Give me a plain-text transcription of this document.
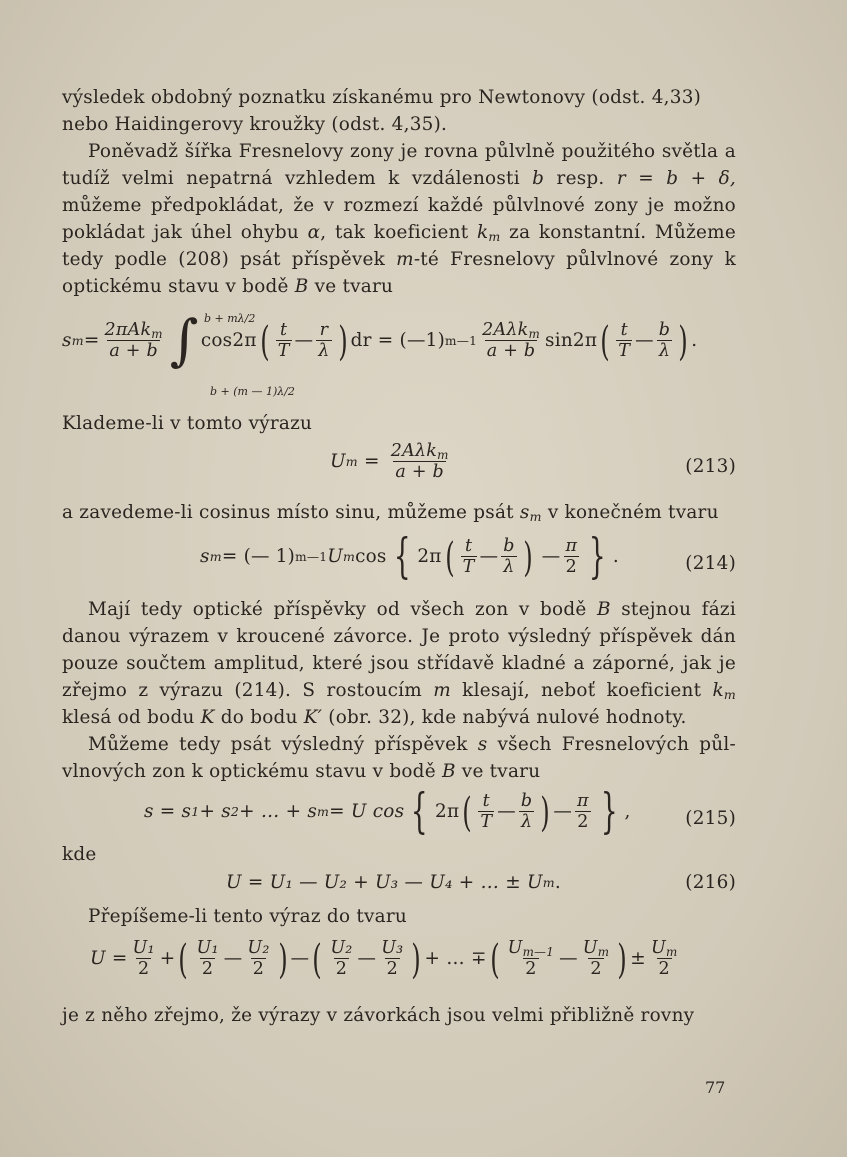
výsledek obdobný poznatku získanému pro Newtonovy (odst. 4,33)
nebo Haidingerovy kroužky (odst. 4,35).

Poněvadž šířka Fresnelovy zony je rovna půlvlně použitého světla a tudíž velmi nepatrná vzhledem k vzdálenosti b resp. r = b + δ, můžeme předpokládat, že v rozmezí každé půlvlnové zony je možno pokládat jak úhel ohybu α, tak koeficient $k_m$ za konstantní. Můžeme tedy podle (208) psát příspěvek m-té Fresnelovy půlvlnové zony k optickému stavu v bodě B ve tvaru

s $m = \frac{2\pi Ak_m}{a + b}$ ∫ cos2π ( $\frac{t}{T}$ — $\frac{r}{\lambda}$ ) dr = (—1) m—1 $\frac{2A\lambda k_m}{a + b} \sin 2\pi$ ( $\frac{t}{T}$ — $\frac{b}{\lambda}$ ) .
b + mλ/2
b + (m — 1)λ/2

Klademe-li v tomto výrazu

U $m = \frac{2A\lambda k_m}{a + b}$	(213)

a zavedeme-li cosinus místo sinu, můžeme psát $s_m$ v konečném tvaru

s m = (— 1) m—1 U m cos { 2π ( $\frac{t}{T}$ — $\frac{b}{\lambda}$ ) — $\frac{\pi}{2}$ } .	(214)

Mají tedy optické příspěvky od všech zon v bodě B stejnou fázi danou výrazem v kroucené závorce. Je proto výsledný příspěvek dán pouze součtem amplitud, které jsou střídavě kladné a záporné, jak je zřejmo z výrazu (214). S rostoucím m klesají, neboť koeficient $k_m$ klesá od bodu K do bodu K′ (obr. 32), kde nabývá nulové hodnoty.

Můžeme tedy psát výsledný příspěvek s všech Fresnelových půl- vlnových zon k optickému stavu v bodě B ve tvaru

s = s 1 + s 2 + … + s m = U cos { 2π ( $\frac{t}{T}$ — $\frac{b}{\lambda}$ ) — $\frac{\pi}{2}$ } ,	(215)
kde
U = U₁ — U₂ + U₃ — U₄ + … ± U m .	(216)

Přepíšeme-li tento výraz do tvaru

$U = \frac{\text{U₁}}{2}$ + ( $\frac{\text{U₁}}{2}$ — $\frac{\text{U₂}}{2}$ ) — ( $\frac{\text{U₂}}{2}$ — $\frac{\text{U₃}}{2}$ ) + … ∓ ( $\frac{U_{m—1}}{2}$ — $\frac{U_m}{2}$ ) ± $\frac{U_m}{2}$

je z něho zřejmo, že výrazy v závorkách jsou velmi přibližně rovny

77
